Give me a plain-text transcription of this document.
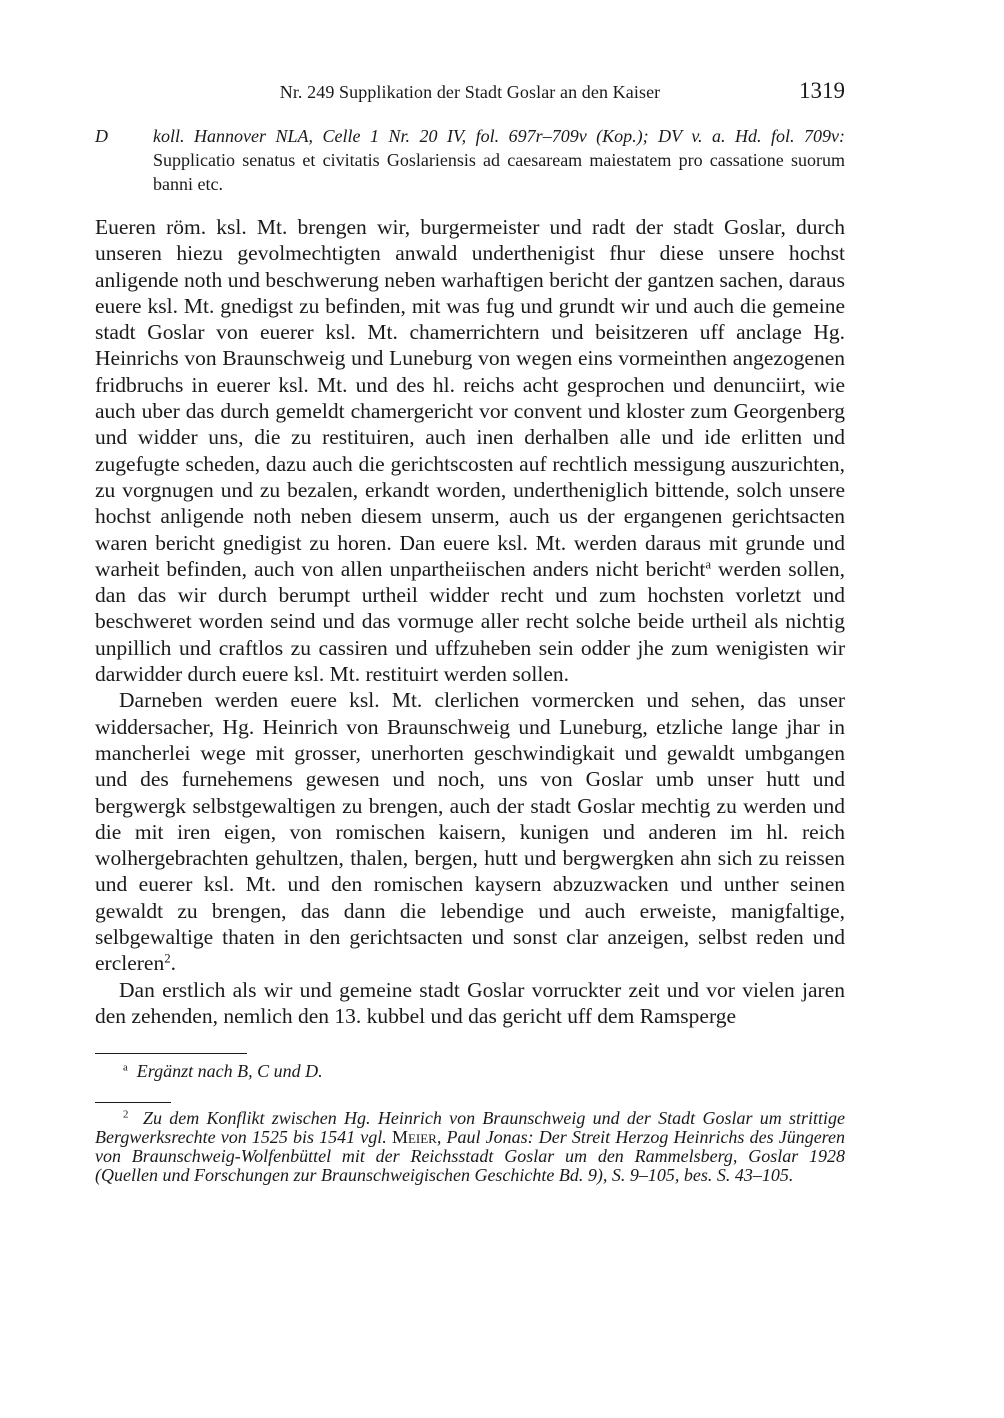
Nr. 249 Supplikation der Stadt Goslar an den Kaiser	1319
D	koll. Hannover NLA, Celle 1 Nr. 20 IV, fol. 697r–709v (Kop.); DV v. a. Hd. fol. 709v: Supplicatio senatus et civitatis Goslariensis ad caesaream maiestatem pro cassatione suorum banni etc.

Eueren röm. ksl. Mt. brengen wir, burgermeister und radt der stadt Goslar, durch unseren hiezu gevolmechtigten anwald underthenigist fhur diese unsere hochst anligende noth und beschwerung neben warhaftigen bericht der gantzen sachen, daraus euere ksl. Mt. gnedigst zu befinden, mit was fug und grundt wir und auch die gemeine stadt Goslar von euerer ksl. Mt. chamerrichtern und beisitzeren uff anclage Hg. Heinrichs von Braunschweig und Luneburg von wegen eins vormeinthen angezogenen fridbruchs in euerer ksl. Mt. und des hl. reichs acht gesprochen und denunciirt, wie auch uber das durch gemeldt chamergericht vor convent und kloster zum Georgenberg und widder uns, die zu restituiren, auch inen derhalben alle und ide erlitten und zugefugte scheden, dazu auch die gerichtscosten auf rechtlich messigung auszurichten, zu vorgnugen und zu bezalen, erkandt worden, undertheniglich bittende, solch unsere hochst anligende noth neben diesem unserm, auch us der ergangenen gerichtsacten waren bericht gnedigist zu horen. Dan euere ksl. Mt. werden daraus mit grunde und warheit befinden, auch von allen unpartheiischen anders nicht bericht$^a$ werden sollen, dan das wir durch berumpt urtheil widder recht und zum hochsten vorletzt und beschweret worden seind und das vormuge aller recht solche beide urtheil als nichtig unpillich und craftlos zu cassiren und uffzuheben sein odder jhe zum wenigisten wir darwidder durch euere ksl. Mt. restituirt werden sollen.

Darneben werden euere ksl. Mt. clerlichen vormercken und sehen, das unser widdersacher, Hg. Heinrich von Braunschweig und Luneburg, etzliche lange jhar in mancherlei wege mit grosser, unerhorten geschwindigkait und gewaldt umbgangen und des furnehemens gewesen und noch, uns von Goslar umb unser hutt und bergwergk selbstgewaltigen zu brengen, auch der stadt Goslar mechtig zu werden und die mit iren eigen, von romischen kaisern, kunigen und anderen im hl. reich wolhergebrachten gehultzen, thalen, bergen, hutt und bergwergken ahn sich zu reissen und euerer ksl. Mt. und den romischen kaysern abzuzwacken und unther seinen gewaldt zu brengen, das dann die lebendige und auch erweiste, manigfaltige, selbgewaltige thaten in den gerichtsacten und sonst clar anzeigen, selbst reden und ercleren$^2$.

Dan erstlich als wir und gemeine stadt Goslar vorruckter zeit und vor vielen jaren den zehenden, nemlich den 13. kubbel und das gericht uff dem Ramsperge

$^a$ Ergänzt nach B, C und D.
$^2$ Zu dem Konflikt zwischen Hg. Heinrich von Braunschweig und der Stadt Goslar um strittige Bergwerksrechte von 1525 bis 1541 vgl. Meier, Paul Jonas: Der Streit Herzog Heinrichs des Jüngeren von Braunschweig-Wolfenbüttel mit der Reichsstadt Goslar um den Rammelsberg, Goslar 1928 (Quellen und Forschungen zur Braunschweigischen Geschichte Bd. 9), S. 9–105, bes. S. 43–105.
